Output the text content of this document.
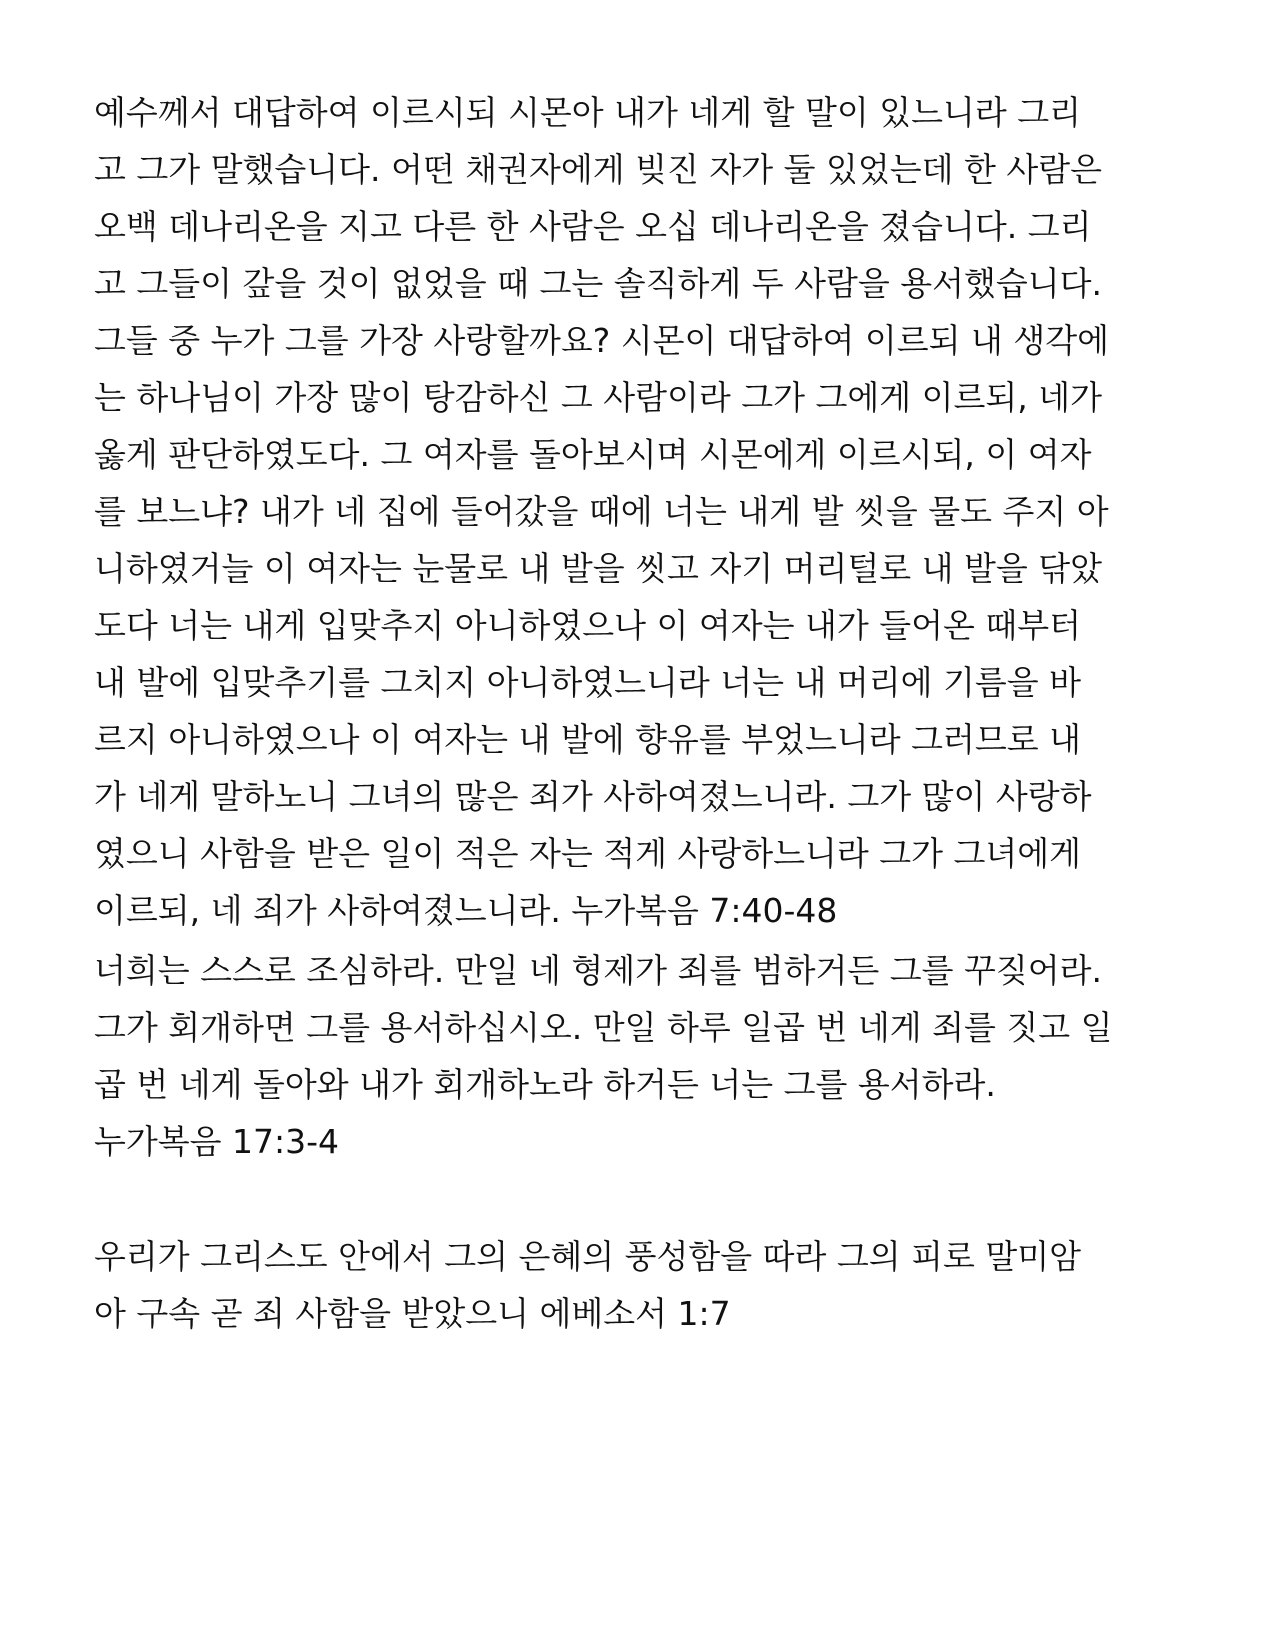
예수께서 대답하여 이르시되 시몬아 내가 네게 할 말이 있느니라 그리
고 그가 말했습니다. 어떤 채권자에게 빚진 자가 둘 있었는데 한 사람은
오백 데나리온을 지고 다른 한 사람은 오십 데나리온을 졌습니다. 그리
고 그들이 갚을 것이 없었을 때 그는 솔직하게 두 사람을 용서했습니다.
그들 중 누가 그를 가장 사랑할까요? 시몬이 대답하여 이르되 내 생각에
는 하나님이 가장 많이 탕감하신 그 사람이라 그가 그에게 이르되, 네가
옳게 판단하였도다. 그 여자를 돌아보시며 시몬에게 이르시되, 이 여자
를 보느냐? 내가 네 집에 들어갔을 때에 너는 내게 발 씻을 물도 주지 아
니하였거늘 이 여자는 눈물로 내 발을 씻고 자기 머리털로 내 발을 닦았
도다 너는 내게 입맞추지 아니하였으나 이 여자는 내가 들어온 때부터
내 발에 입맞추기를 그치지 아니하였느니라 너는 내 머리에 기름을 바
르지 아니하였으나 이 여자는 내 발에 향유를 부었느니라 그러므로 내
가 네게 말하노니 그녀의 많은 죄가 사하여졌느니라. 그가 많이 사랑하
였으니 사함을 받은 일이 적은 자는 적게 사랑하느니라 그가 그녀에게
이르되, 네 죄가 사하여졌느니라. 누가복음 7:40-48
너희는 스스로 조심하라. 만일 네 형제가 죄를 범하거든 그를 꾸짖어라.
그가 회개하면 그를 용서하십시오. 만일 하루 일곱 번 네게 죄를 짓고 일
곱 번 네게 돌아와 내가 회개하노라 하거든 너는 그를 용서하라.
누가복음 17:3-4
우리가 그리스도 안에서 그의 은혜의 풍성함을 따라 그의 피로 말미암
아 구속 곧 죄 사함을 받았으니 에베소서 1:7
